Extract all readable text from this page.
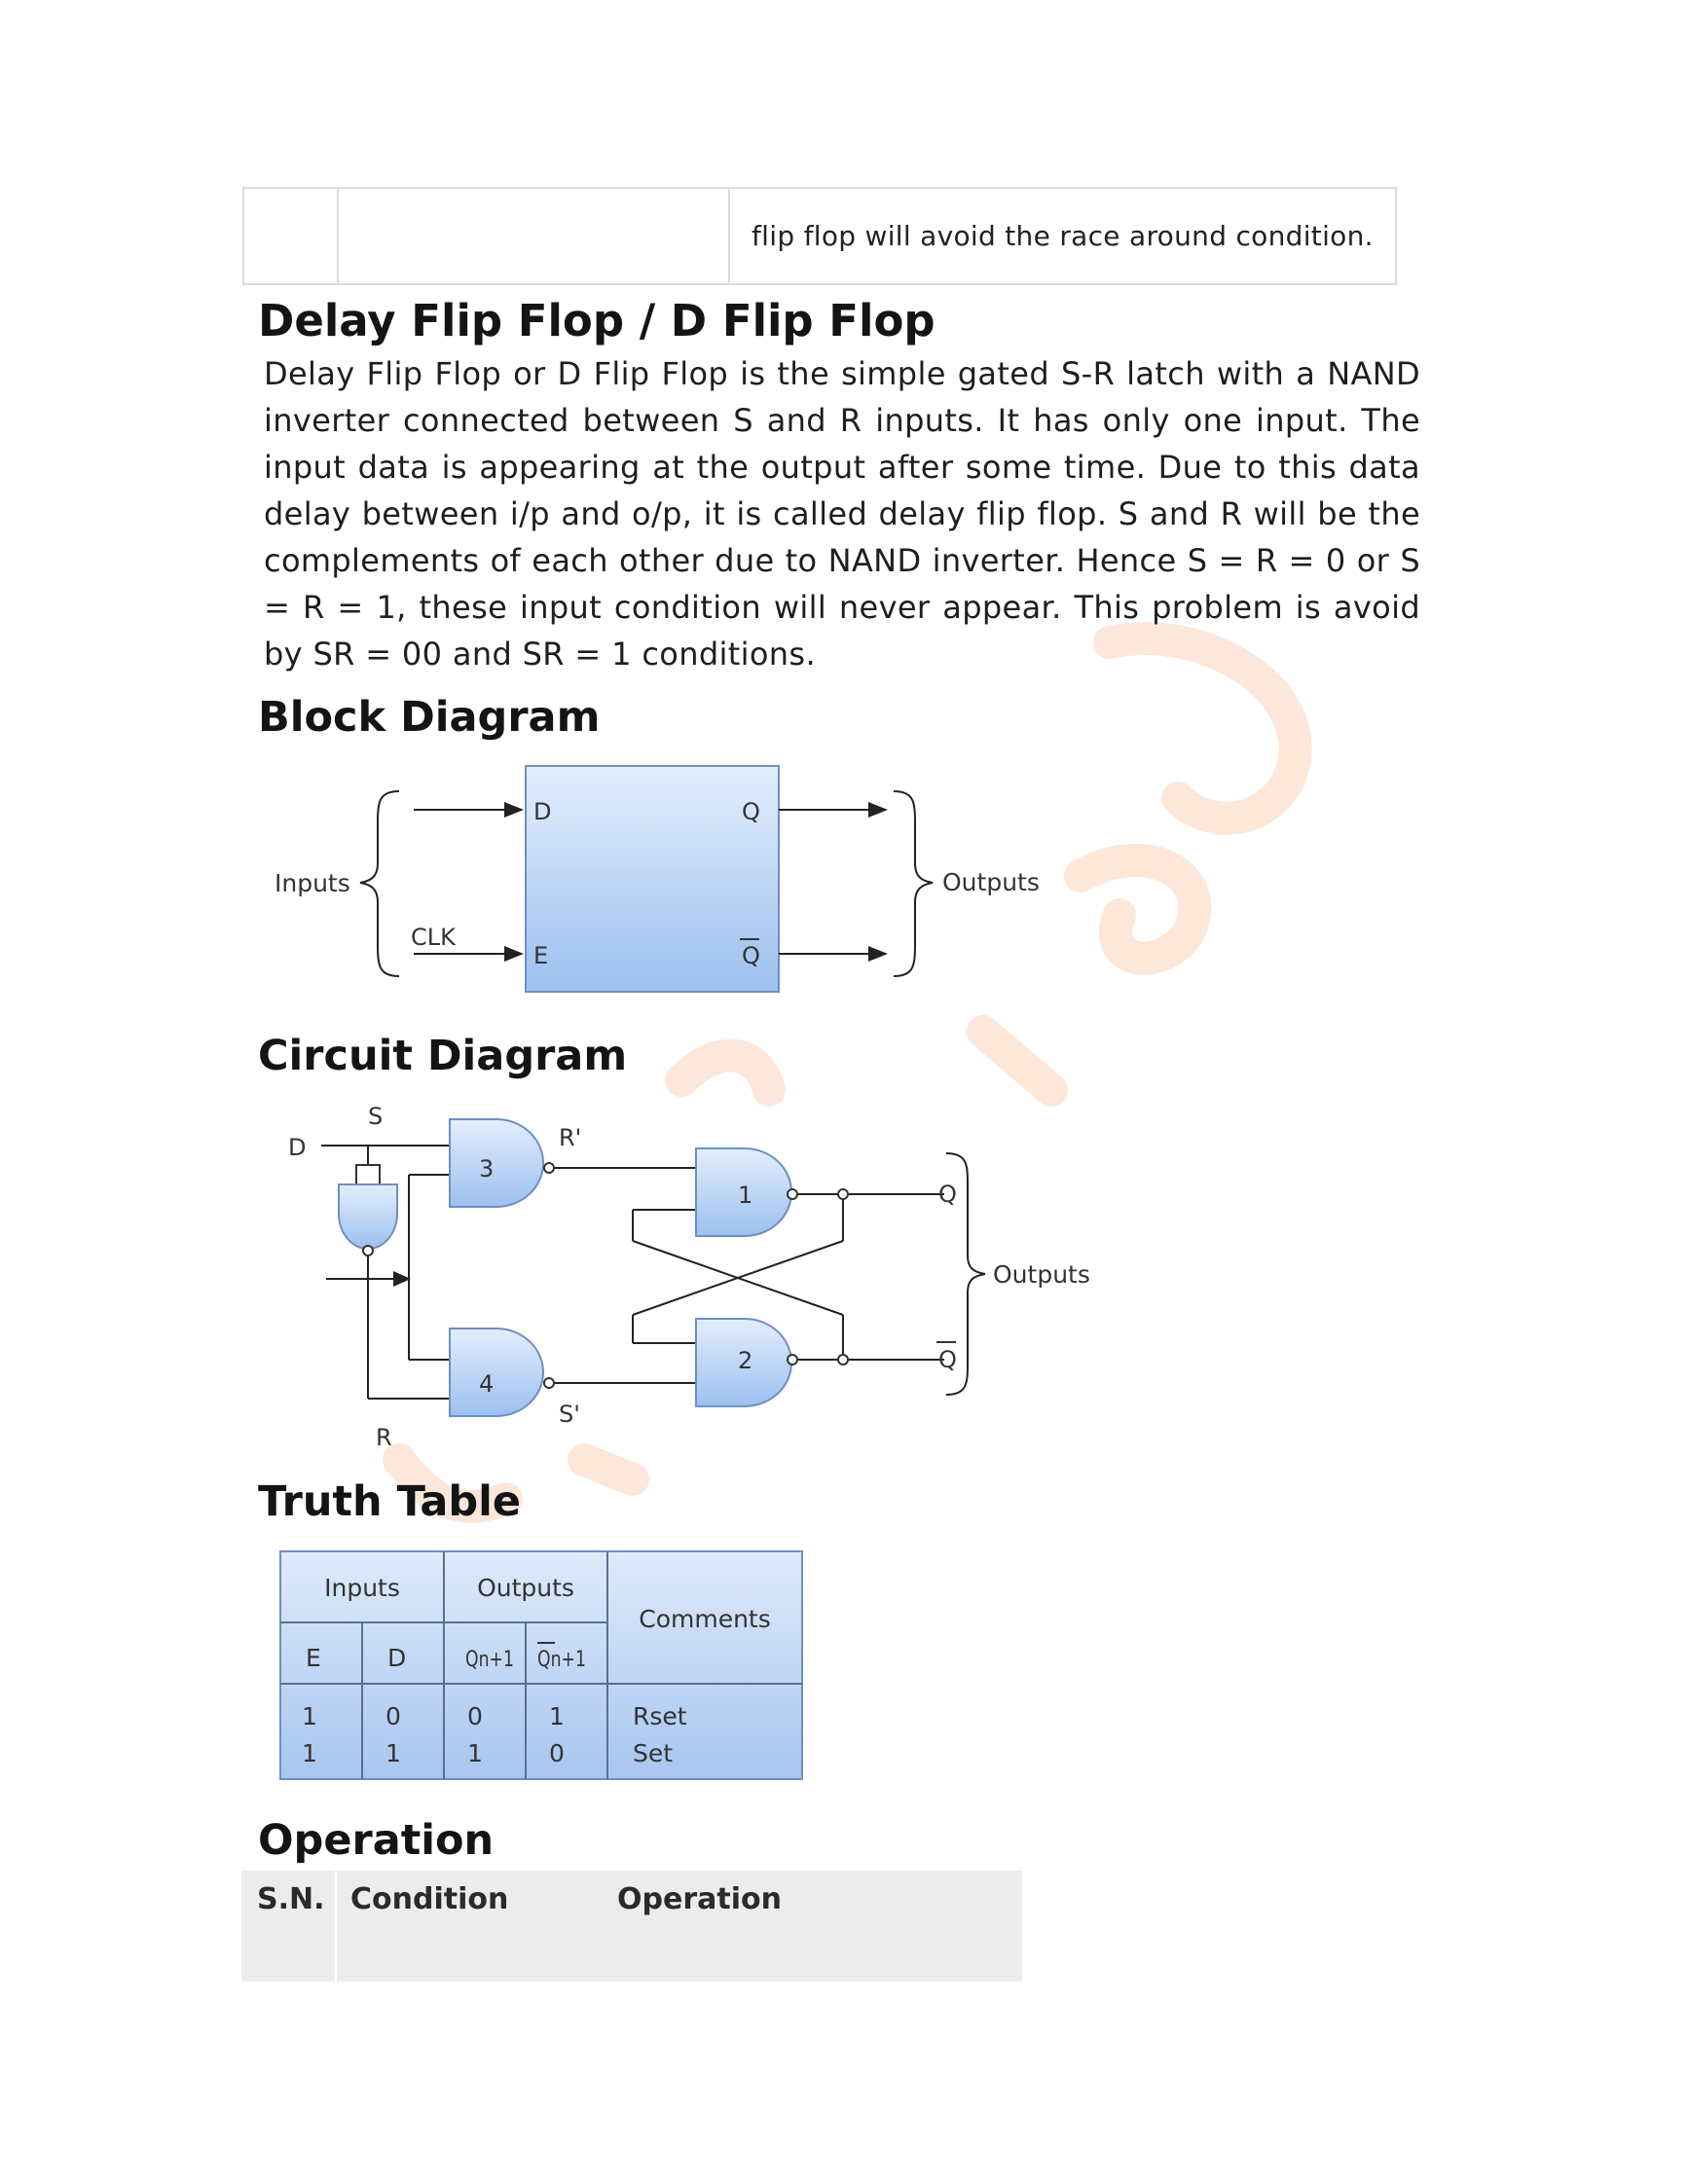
flip flop will avoid the race around condition.
Delay Flip Flop / D Flip Flop

Delay Flip Flop or D Flip Flop is the simple gated S-R latch with a NAND inverter connected between S and R inputs. It has only one input. The input data is appearing at the output after some time. Due to this data delay between i/p and o/p, it is called delay flip flop. S and R will be the complements of each other due to NAND inverter. Hence S = R = 0 or S = R = 1, these input condition will never appear. This problem is avoid by SR = 00 and SR = 1 conditions.

Block Diagram
Inputs	Outputs
CLK
D
E
Q
Q
Circuit Diagram
D
S
R
R'
S'
1
2
3
4
Q
Q
Outputs
Truth Table
Inputs	Outputs
Comments
E	D	Qn+1 Qn+1
1	0	0	1	Rset
1	1	1	0	Set
Operation
S.N. Condition	Operation
